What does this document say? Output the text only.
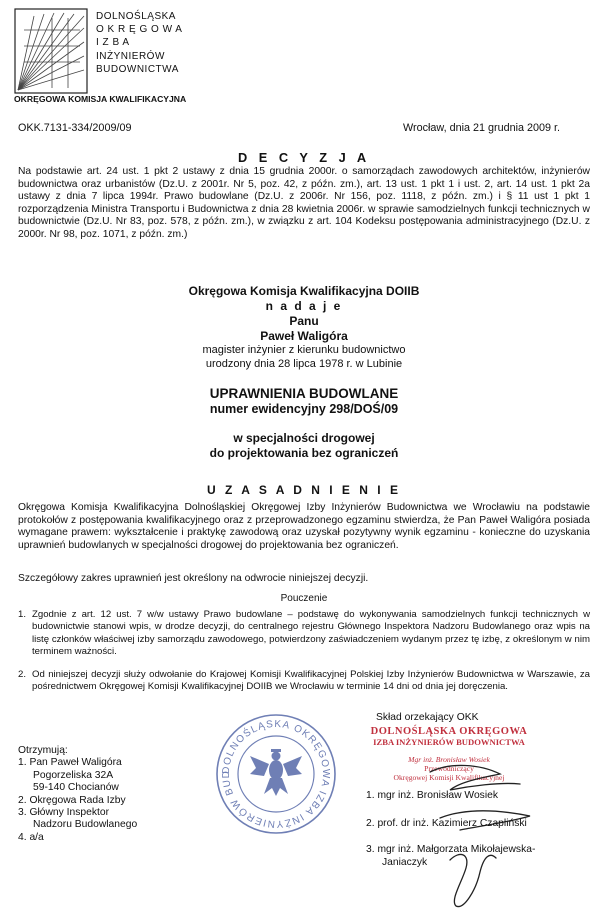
DOLNOŚLĄSKA
O K R Ę G O W A
I Z B A
INŻYNIERÓW
BUDOWNICTWA
OKRĘGOWA KOMISJA KWALIFIKACYJNA
OKK.7131-334/2009/09	Wrocław, dnia 21 grudnia 2009 r.
D E C Y Z J A
Na podstawie art. 24 ust. 1 pkt 2 ustawy z dnia 15 grudnia 2000r. o samorządach zawodowych architektów, inżynierów budownictwa oraz urbanistów (Dz.U. z 2001r. Nr 5, poz. 42, z późn. zm.), art. 13 ust. 1 pkt 1 i ust. 2, art. 14 ust. 1 pkt 2a ustawy z dnia 7 lipca 1994r. Prawo budowlane (Dz.U. z 2006r. Nr 156, poz. 1118, z późn. zm.) i § 11 ust 1 pkt 1 rozporządzenia Ministra Transportu i Budownictwa z dnia 28 kwietnia 2006r. w sprawie samodzielnych funkcji technicznych w budownictwie (Dz.U. Nr 83, poz. 578, z późn. zm.), w związku z art. 104 Kodeksu postępowania administracyjnego (Dz.U. z 2000r. Nr 98, poz. 1071, z późn. zm.)
Okręgowa Komisja Kwalifikacyjna DOIIB
n a d a j e
Panu
Paweł Waligóra
magister inżynier z kierunku budownictwo
urodzony dnia 28 lipca 1978 r. w Lubinie
UPRAWNIENIA BUDOWLANE
numer ewidencyjny 298/DOŚ/09
w specjalności drogowej
do projektowania bez ograniczeń
U Z A S A D N I E N I E
Okręgowa Komisja Kwalifikacyjna Dolnośląskiej Okręgowej Izby Inżynierów Budownictwa we Wrocławiu na podstawie protokołów z postępowania kwalifikacyjnego oraz z przeprowadzonego egzaminu stwierdza, że Pan Paweł Waligóra posiada wymagane prawem: wykształcenie i praktykę zawodową oraz uzyskał pozytywny wynik egzaminu - konieczne do uzyskania uprawnień budowlanych w specjalności drogowej do projektowania bez ograniczeń.
Szczegółowy zakres uprawnień jest określony na odwrocie niniejszej decyzji.
Pouczenie
1. Zgodnie z art. 12 ust. 7 w/w ustawy Prawo budowlane – podstawę do wykonywania samodzielnych funkcji technicznych w budownictwie stanowi wpis, w drodze decyzji, do centralnego rejestru Głównego Inspektora Nadzoru Budowlanego oraz wpis na listę członków właściwej izby samorządu zawodowego, potwierdzony zaświadczeniem wydanym przez tę izbę, z określonym w nim terminem ważności.
2. Od niniejszej decyzji służy odwołanie do Krajowej Komisji Kwalifikacyjnej Polskiej Izby Inżynierów Budownictwa w Warszawie, za pośrednictwem Okręgowej Komisji Kwalifikacyjnej DOIIB we Wrocławiu w terminie 14 dni od dnia jej doręczenia.
Skład orzekający OKK
DOLNOŚLĄSKA OKRĘGOWA
IZBA INŻYNIERÓW BUDOWNICTWA
Mgr inż. Bronisław Wosiek
Przewodniczący
Okręgowej Komisji Kwalifikacyjnej
DOLNOŚLĄSKA OKRĘGOWA IZBA INŻYNIERÓW BUD
Otrzymują:
1. Pan Paweł Waligóra
Pogorzeliska 32A
59-140 Chocianów
2. Okręgowa Rada Izby
3. Główny Inspektor
Nadzoru Budowlanego
4. a/a
1. mgr inż. Bronisław Wosiek
2. prof. dr inż. Kazimierz Czapliński
3. mgr inż. Małgorzata Mikołajewska-
Janiaczyk
